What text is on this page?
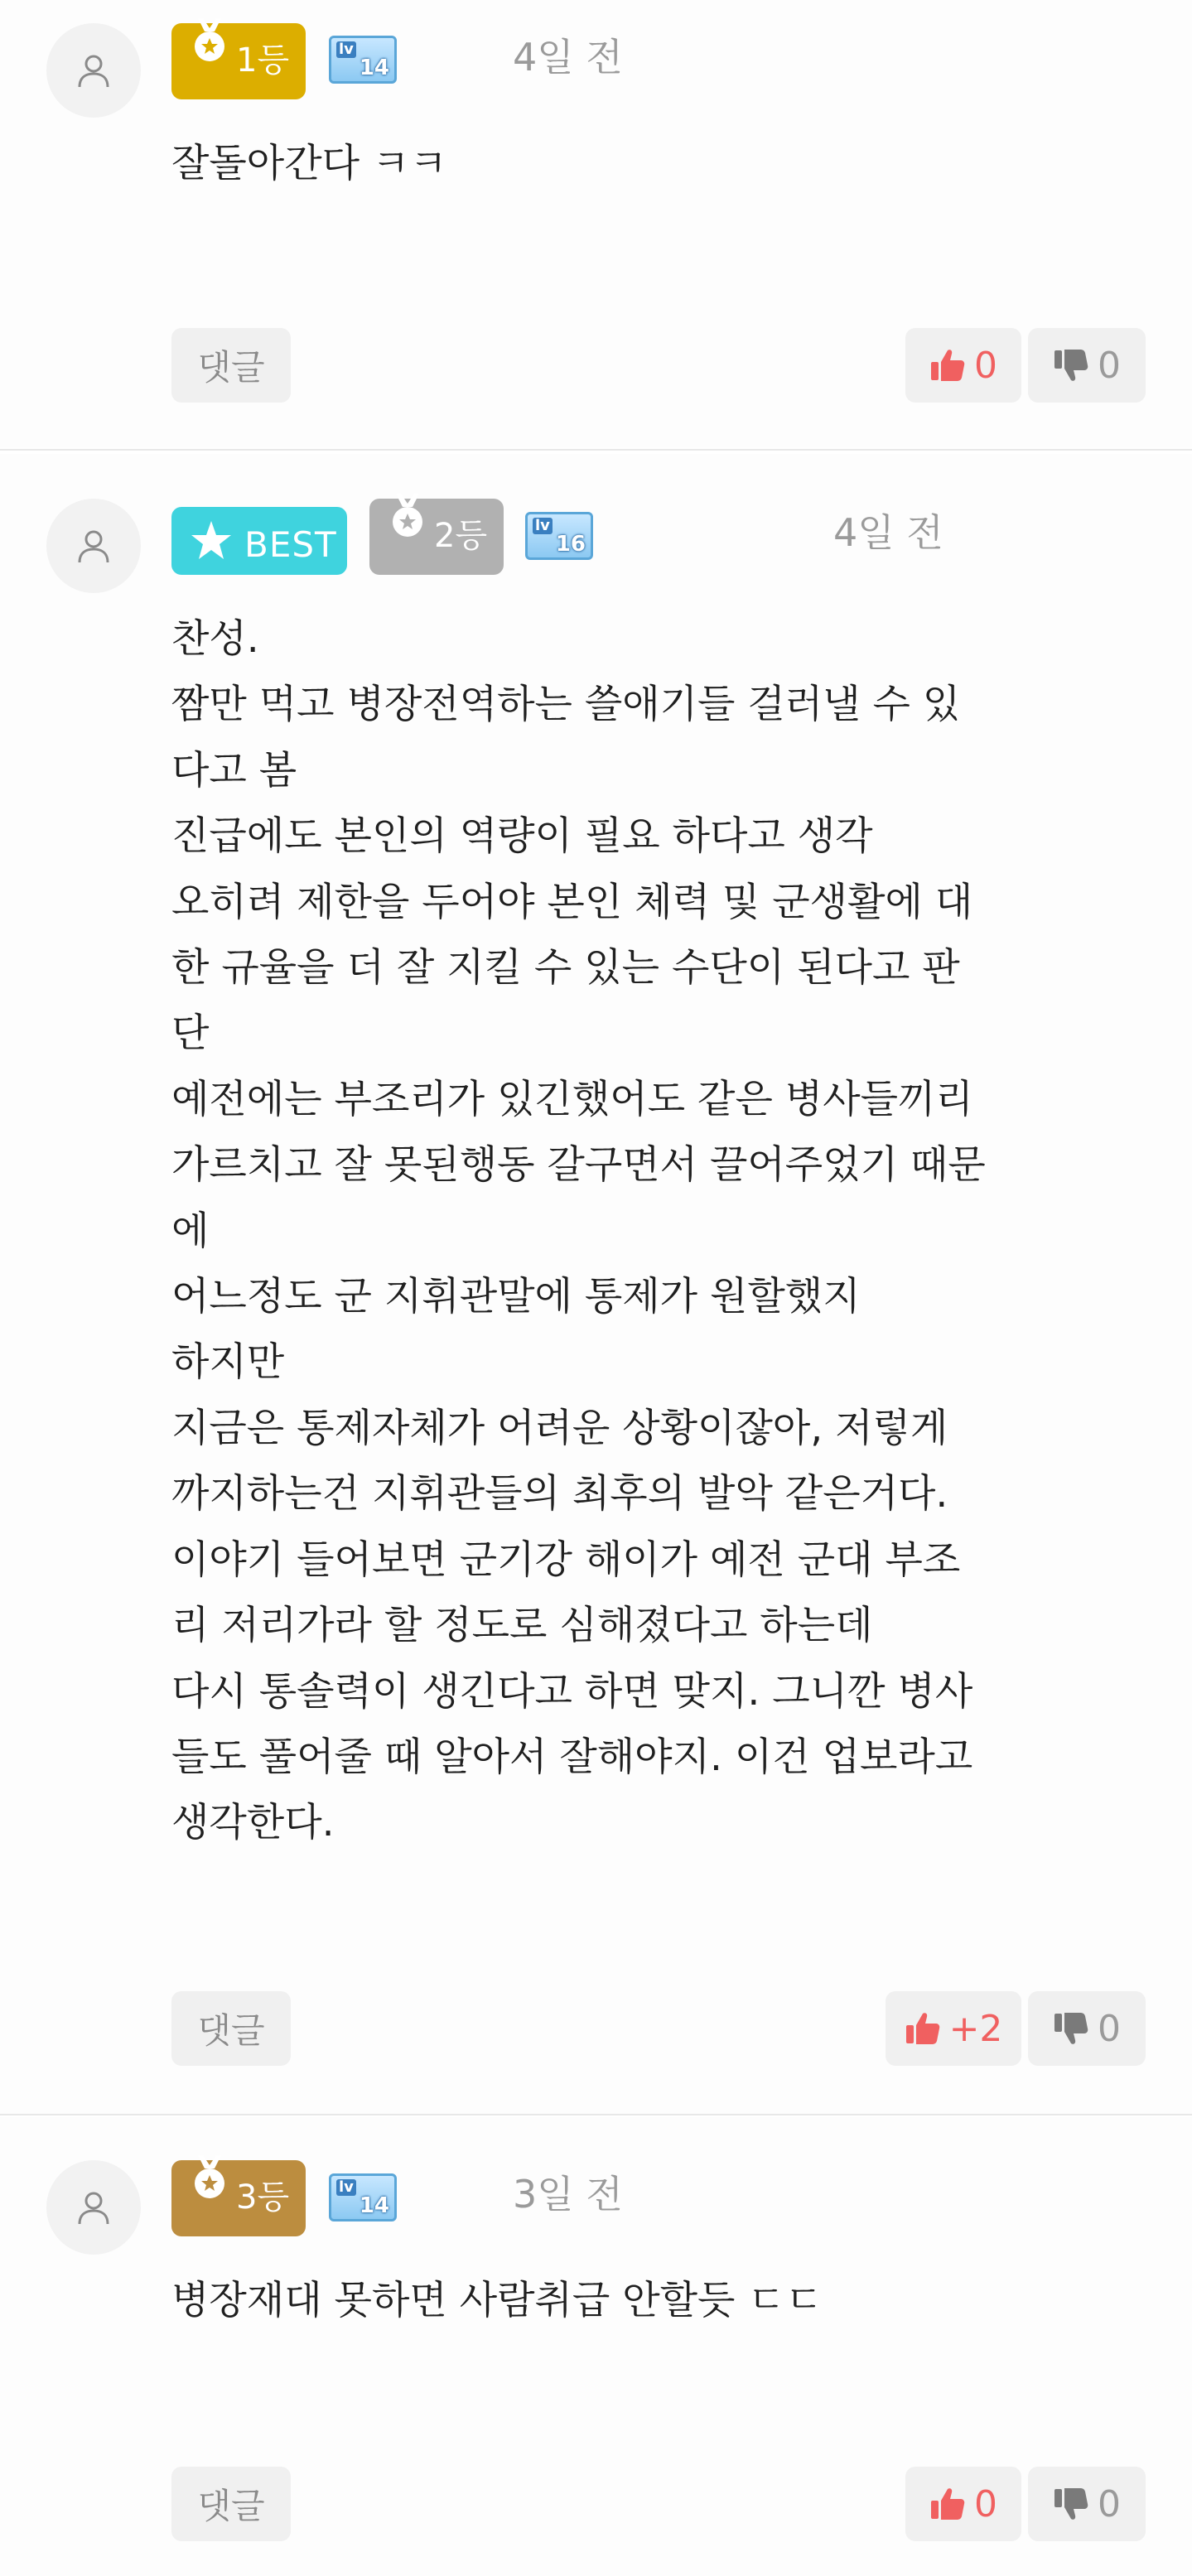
1등	lv
14	4일 전
잘돌아간다 ㅋㅋ
댓글	0	0
BEST	2등	lv
16	4일 전
찬성.
짬만 먹고 병장전역하는 쓸애기들 걸러낼 수 있
다고 봄
진급에도 본인의 역량이 필요 하다고 생각
오히려 제한을 두어야 본인 체력 및 군생활에 대
한 규율을 더 잘 지킬 수 있는 수단이 된다고 판
단
예전에는 부조리가 있긴했어도 같은 병사들끼리
가르치고 잘 못된행동 갈구면서 끌어주었기 때문
에
어느정도 군 지휘관말에 통제가 원할했지
하지만
지금은 통제자체가 어려운 상황이잖아, 저렇게
까지하는건 지휘관들의 최후의 발악 같은거다.
이야기 들어보면 군기강 해이가 예전 군대 부조
리 저리가라 할 정도로 심해졌다고 하는데
다시 통솔력이 생긴다고 하면 맞지. 그니깐 병사
들도 풀어줄 때 알아서 잘해야지. 이건 업보라고
생각한다.
댓글	+2	0
3등	lv
14	3일 전
병장재대 못하면 사람취급 안할듯 ㄷㄷ
댓글	0	0
